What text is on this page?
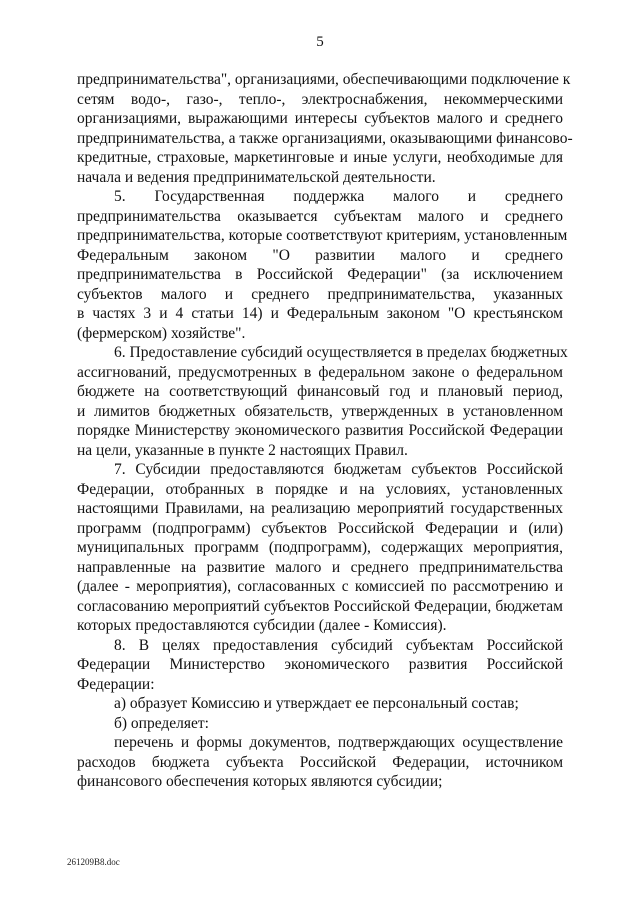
5
предпринимательства", организациями, обеспечивающими подключение к
сетям водо-, газо-, тепло-, электроснабжения, некоммерческими
организациями, выражающими интересы субъектов малого и среднего
предпринимательства, а также организациями, оказывающими финансово-
кредитные, страховые, маркетинговые и иные услуги, необходимые для
начала и ведения предпринимательской деятельности.
5. Государственная поддержка малого и среднего
предпринимательства оказывается субъектам малого и среднего
предпринимательства, которые соответствуют критериям, установленным
Федеральным законом "О развитии малого и среднего
предпринимательства в Российской Федерации" (за исключением
субъектов малого и среднего предпринимательства, указанных
в частях 3 и 4 статьи 14) и Федеральным законом "О крестьянском
(фермерском) хозяйстве".
6. Предоставление субсидий осуществляется в пределах бюджетных
ассигнований, предусмотренных в федеральном законе о федеральном
бюджете на соответствующий финансовый год и плановый период,
и лимитов бюджетных обязательств, утвержденных в установленном
порядке Министерству экономического развития Российской Федерации
на цели, указанные в пункте 2 настоящих Правил.
7. Субсидии предоставляются бюджетам субъектов Российской
Федерации, отобранных в порядке и на условиях, установленных
настоящими Правилами, на реализацию мероприятий государственных
программ (подпрограмм) субъектов Российской Федерации и (или)
муниципальных программ (подпрограмм), содержащих мероприятия,
направленные на развитие малого и среднего предпринимательства
(далее - мероприятия), согласованных с комиссией по рассмотрению и
согласованию мероприятий субъектов Российской Федерации, бюджетам
которых предоставляются субсидии (далее - Комиссия).
8. В целях предоставления субсидий субъектам Российской
Федерации Министерство экономического развития Российской
Федерации:
а) образует Комиссию и утверждает ее персональный состав;
б) определяет:
перечень и формы документов, подтверждающих осуществление
расходов бюджета субъекта Российской Федерации, источником
финансового обеспечения которых являются субсидии;
261209B8.doc
